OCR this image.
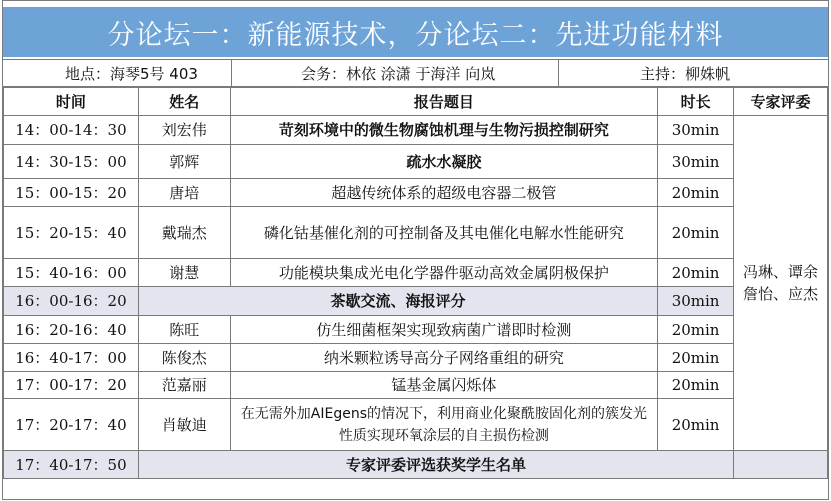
分论坛一：新能源技术，分论坛二：先进功能材料
地点：海琴5号 403	会务：林依 涂潇 于海洋 向岚	主持：柳姝帆
时间	姓名	报告题目	时长	专家评委
14：00-14：30	刘宏伟	苛刻环境中的微生物腐蚀机理与生物污损控制研究	30min	冯琳、谭余詹怡、应杰
14：30-15：00	郭辉	疏水水凝胶	30min	
15：00-15：20	唐培	超越传统体系的超级电容器二极管	20min	
15：20-15：40	戴瑞杰	磷化钴基催化剂的可控制备及其电催化电解水性能研究	20min	
15：40-16：00	谢慧	功能模块集成光电化学器件驱动高效金属阴极保护	20min	
16：00-16：20	茶歇交流、海报评分		30min	
16：20-16：40	陈旺	仿生细菌框架实现致病菌广谱即时检测	20min	
16：40-17：00	陈俊杰	纳米颗粒诱导高分子网络重组的研究	20min	
17：00-17：20	范嘉丽	锰基金属闪烁体	20min	
17：20-17：40	肖敏迪	在无需外加AIEgens的情况下，利用商业化聚酰胺固化剂的簇发光性质实现环氧涂层的自主损伤检测	20min	
17：40-17：50	专家评委评选获奖学生名单			
